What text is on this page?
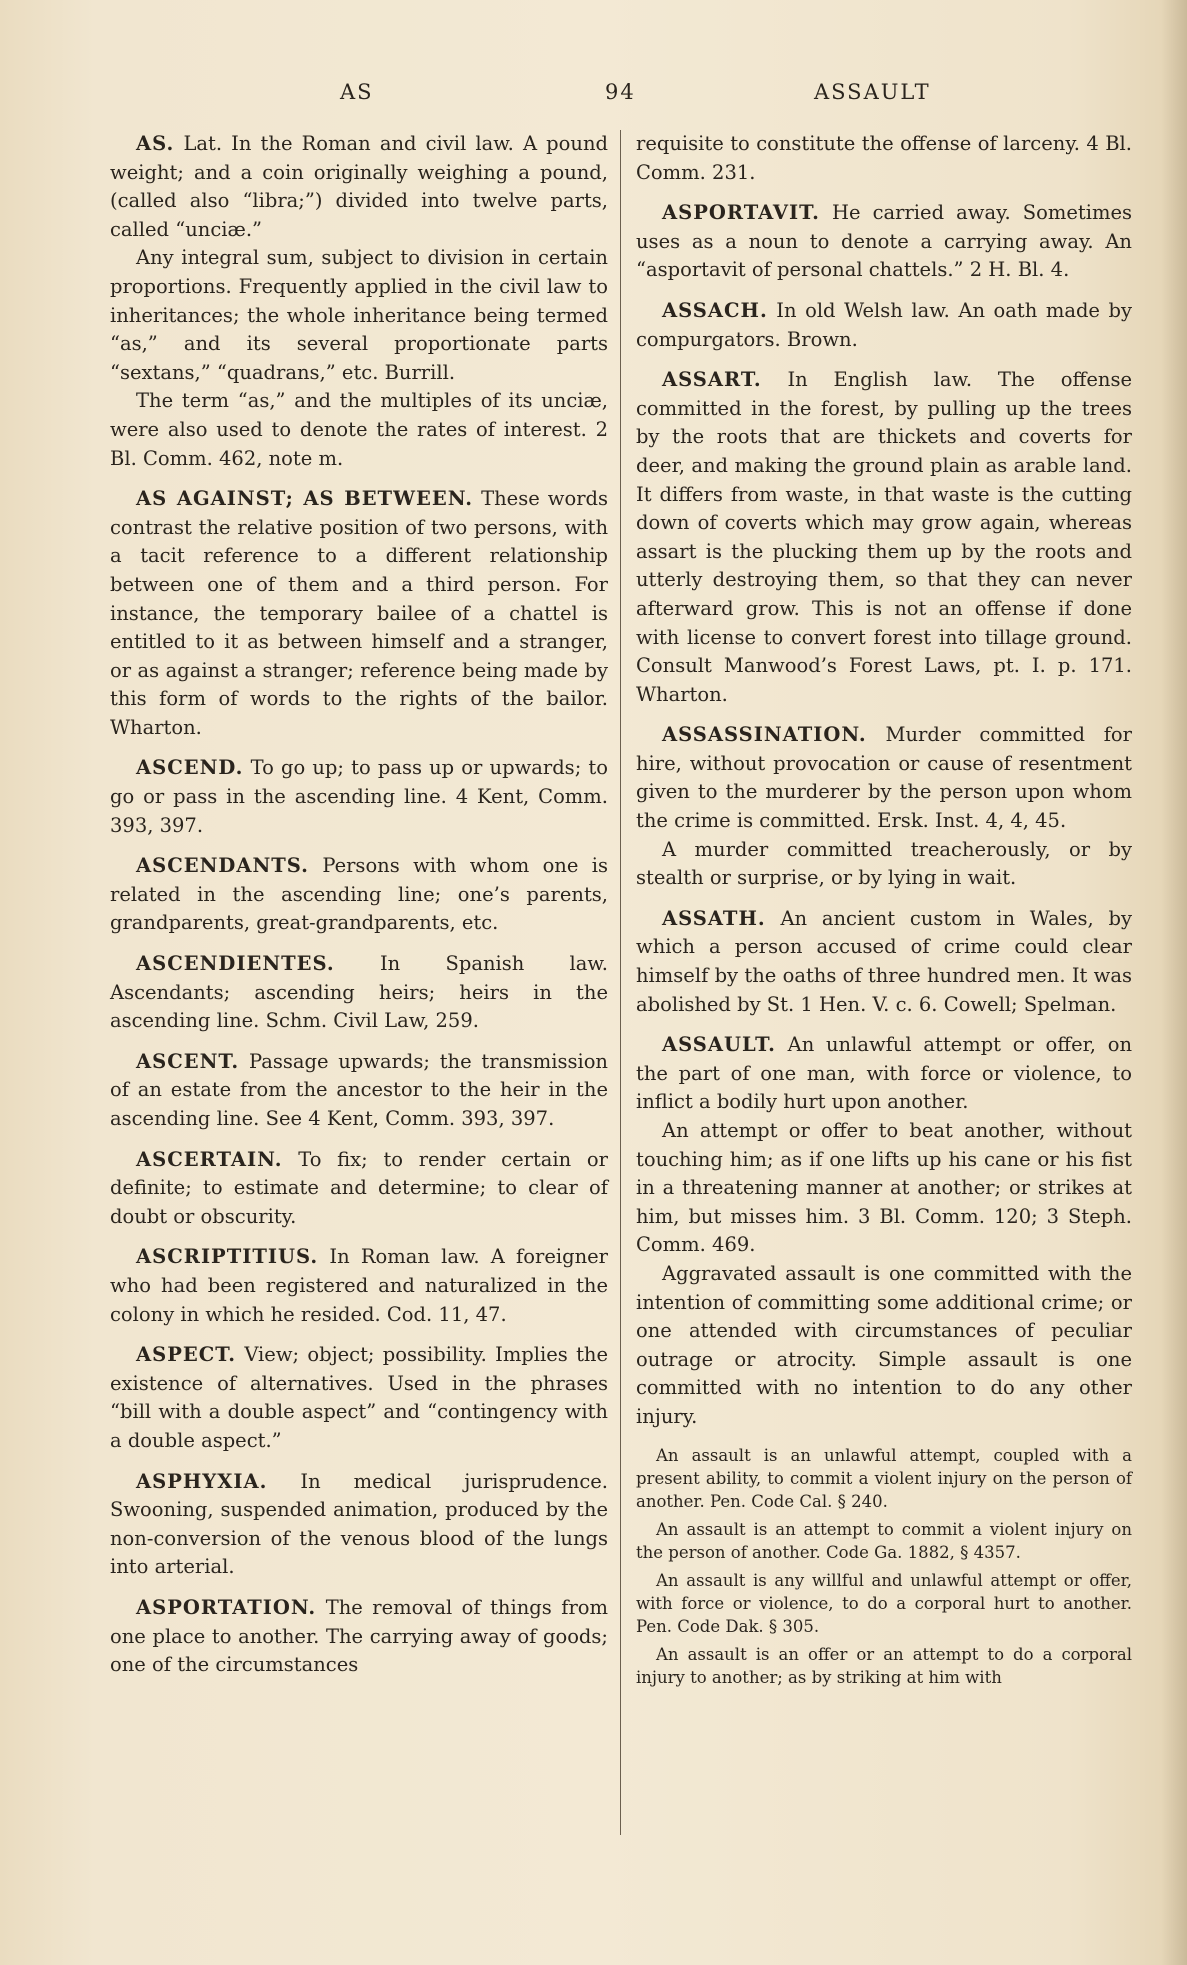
AS	94	ASSAULT

AS. Lat. In the Roman and civil law. A pound weight; and a coin originally weighing a pound, (called also “libra;”) divided into twelve parts, called “unciæ.”

Any integral sum, subject to division in certain proportions. Frequently applied in the civil law to inheritances; the whole inheritance being termed “as,” and its several proportionate parts “sextans,” “quadrans,” etc. Burrill.

The term “as,” and the multiples of its unciæ, were also used to denote the rates of interest. 2 Bl. Comm. 462, note m.

AS AGAINST; AS BETWEEN. These words contrast the relative position of two persons, with a tacit reference to a different relationship between one of them and a third person. For instance, the temporary bailee of a chattel is entitled to it as between himself and a stranger, or as against a stranger; reference being made by this form of words to the rights of the bailor. Wharton.

ASCEND. To go up; to pass up or upwards; to go or pass in the ascending line. 4 Kent, Comm. 393, 397.

ASCENDANTS. Persons with whom one is related in the ascending line; one’s parents, grandparents, great-grandparents, etc.

ASCENDIENTES. In Spanish law. Ascendants; ascending heirs; heirs in the ascending line. Schm. Civil Law, 259.

ASCENT. Passage upwards; the transmission of an estate from the ancestor to the heir in the ascending line. See 4 Kent, Comm. 393, 397.

ASCERTAIN. To fix; to render certain or definite; to estimate and determine; to clear of doubt or obscurity.

ASCRIPTITIUS. In Roman law. A foreigner who had been registered and naturalized in the colony in which he resided. Cod. 11, 47.

ASPECT. View; object; possibility. Implies the existence of alternatives. Used in the phrases “bill with a double aspect” and “contingency with a double aspect.”

ASPHYXIA. In medical jurisprudence. Swooning, suspended animation, produced by the non-conversion of the venous blood of the lungs into arterial.

ASPORTATION. The removal of things from one place to another. The carrying away of goods; one of the circumstances

requisite to constitute the offense of larceny. 4 Bl. Comm. 231.

ASPORTAVIT. He carried away. Sometimes uses as a noun to denote a carrying away. An “asportavit of personal chattels.” 2 H. Bl. 4.

ASSACH. In old Welsh law. An oath made by compurgators. Brown.

ASSART. In English law. The offense committed in the forest, by pulling up the trees by the roots that are thickets and coverts for deer, and making the ground plain as arable land. It differs from waste, in that waste is the cutting down of coverts which may grow again, whereas assart is the plucking them up by the roots and utterly destroying them, so that they can never afterward grow. This is not an offense if done with license to convert forest into tillage ground. Consult Manwood’s Forest Laws, pt. I. p. 171. Wharton.

ASSASSINATION. Murder committed for hire, without provocation or cause of resentment given to the murderer by the person upon whom the crime is committed. Ersk. Inst. 4, 4, 45.

A murder committed treacherously, or by stealth or surprise, or by lying in wait.

ASSATH. An ancient custom in Wales, by which a person accused of crime could clear himself by the oaths of three hundred men. It was abolished by St. 1 Hen. V. c. 6. Cowell; Spelman.

ASSAULT. An unlawful attempt or offer, on the part of one man, with force or violence, to inflict a bodily hurt upon another.

An attempt or offer to beat another, without touching him; as if one lifts up his cane or his fist in a threatening manner at another; or strikes at him, but misses him. 3 Bl. Comm. 120; 3 Steph. Comm. 469.

Aggravated assault is one committed with the intention of committing some additional crime; or one attended with circumstances of peculiar outrage or atrocity. Simple assault is one committed with no intention to do any other injury.

An assault is an unlawful attempt, coupled with a present ability, to commit a violent injury on the person of another. Pen. Code Cal. § 240.

An assault is an attempt to commit a violent injury on the person of another. Code Ga. 1882, § 4357.

An assault is any willful and unlawful attempt or offer, with force or violence, to do a corporal hurt to another. Pen. Code Dak. § 305.

An assault is an offer or an attempt to do a corporal injury to another; as by striking at him with
